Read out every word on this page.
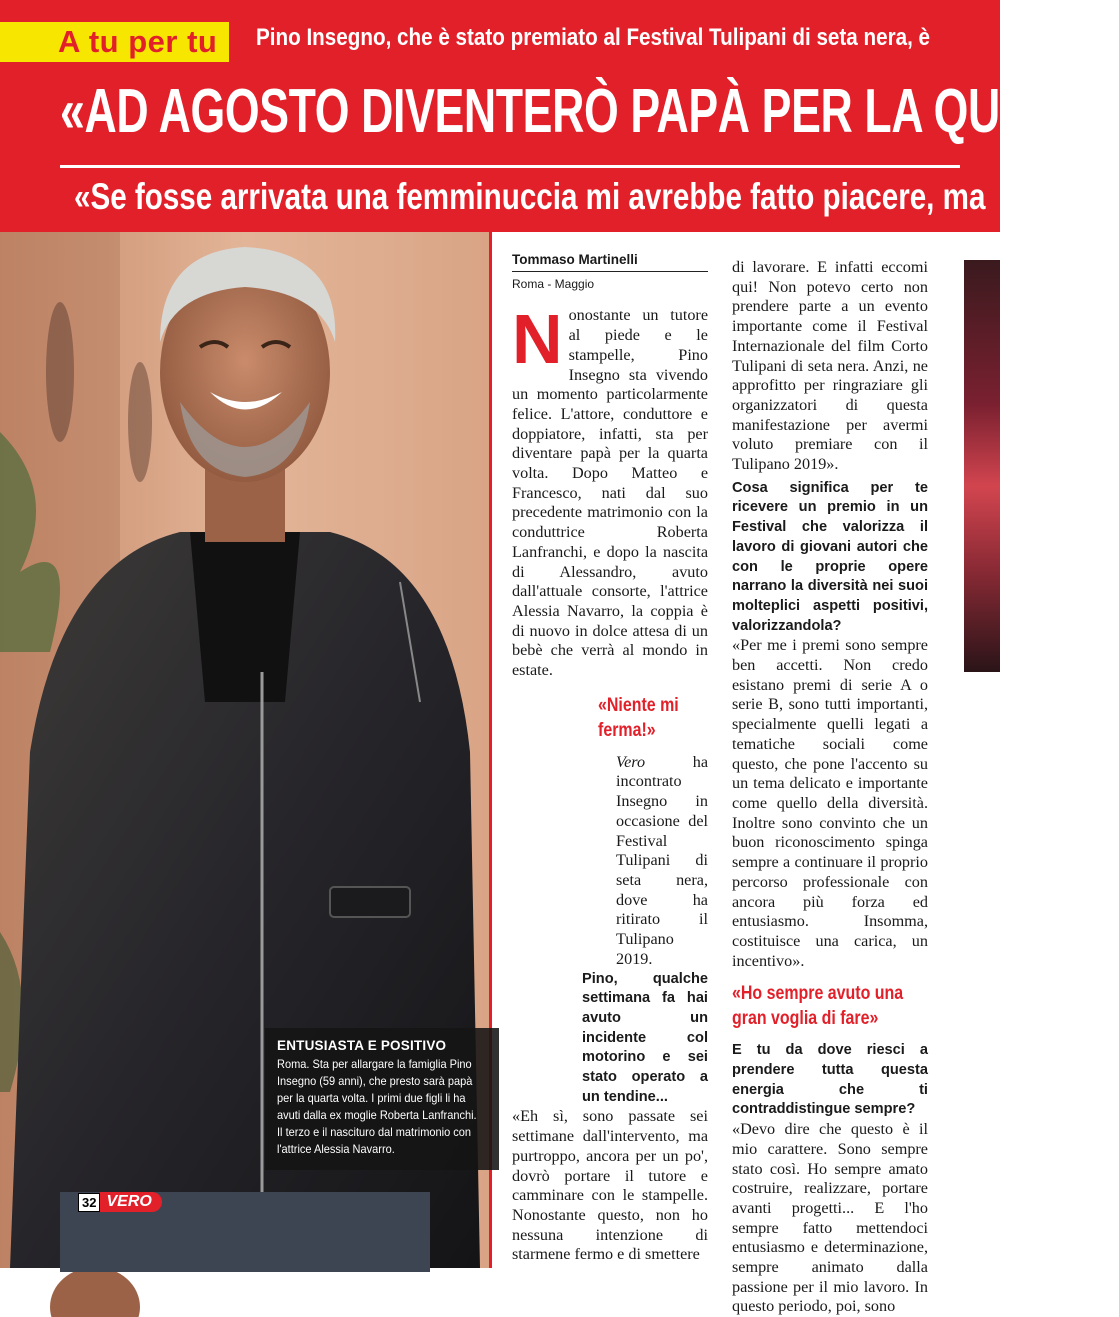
A tu per tu Pino Insegno, che è stato premiato al Festival Tulipani di seta nera, è
«AD AGOSTO DIVENTERÒ PAPÀ PER LA QUARTA
«Se fosse arrivata una femminuccia mi avrebbe fatto piacere, ma
ENTUSIASTA E POSITIVO
Roma. Sta per allargare la famiglia Pino Insegno (59 anni), che presto sarà papà per la quarta volta. I primi due figli li ha avuti dalla ex moglie Roberta Lanfranchi. Il terzo e il nascituro dal matrimonio con l'attrice Alessia Navarro.
32 VERO
Tommaso Martinelli
Roma - Maggio

Nonostante un tutore al piede e le stampelle, Pino Insegno sta vivendo un momento particolarmente felice. L'attore, conduttore e doppiatore, infatti, sta per diventare papà per la quarta volta. Dopo Matteo e Francesco, nati dal suo precedente matrimonio con la conduttrice Roberta Lanfranchi, e dopo la nascita di Alessandro, avuto dall'attuale consorte, l'attrice Alessia Navarro, la coppia è di nuovo in dolce attesa di un bebè che verrà al mondo in estate.

«Niente mi
ferma!»

Vero ha incontrato Insegno in occasione del Festival Tulipani di seta nera, dove ha ritirato il Tulipano 2019.

Pino, qualche settimana fa hai avuto un incidente col motorino e sei stato operato a un tendine...

«Eh sì, sono passate sei settimane dall'intervento, ma purtroppo, ancora per un po', dovrò portare il tutore e camminare con le stampelle. Nonostante questo, non ho nessuna intenzione di starmene fermo e di smettere

di lavorare. E infatti eccomi qui! Non potevo certo non prendere parte a un evento importante come il Festival Internazionale del film Corto Tulipani di seta nera. Anzi, ne approfitto per ringraziare gli organizzatori di questa manifestazione per avermi voluto premiare con il Tulipano 2019».

Cosa significa per te ricevere un premio in un Festival che valorizza il lavoro di giovani autori che con le proprie opere narrano la diversità nei suoi molteplici aspetti positivi, valorizzandola?

«Per me i premi sono sempre ben accetti. Non credo esistano premi di serie A o serie B, sono tutti importanti, specialmente quelli legati a tematiche sociali come questo, che pone l'accento su un tema delicato e importante come quello della diversità. Inoltre sono convinto che un buon riconoscimento spinga sempre a continuare il proprio percorso professionale con ancora più forza ed entusiasmo. Insomma, costituisce una carica, un incentivo».

«Ho sempre avuto una
gran voglia di fare»

E tu da dove riesci a prendere tutta questa energia che ti contraddistingue sempre?

«Devo dire che questo è il mio carattere. Sono sempre stato così. Ho sempre amato costruire, realizzare, portare avanti progetti... E l'ho sempre fatto mettendoci entusiasmo e determinazione, sempre animato dalla passione per il mio lavoro. In questo periodo, poi, sono
